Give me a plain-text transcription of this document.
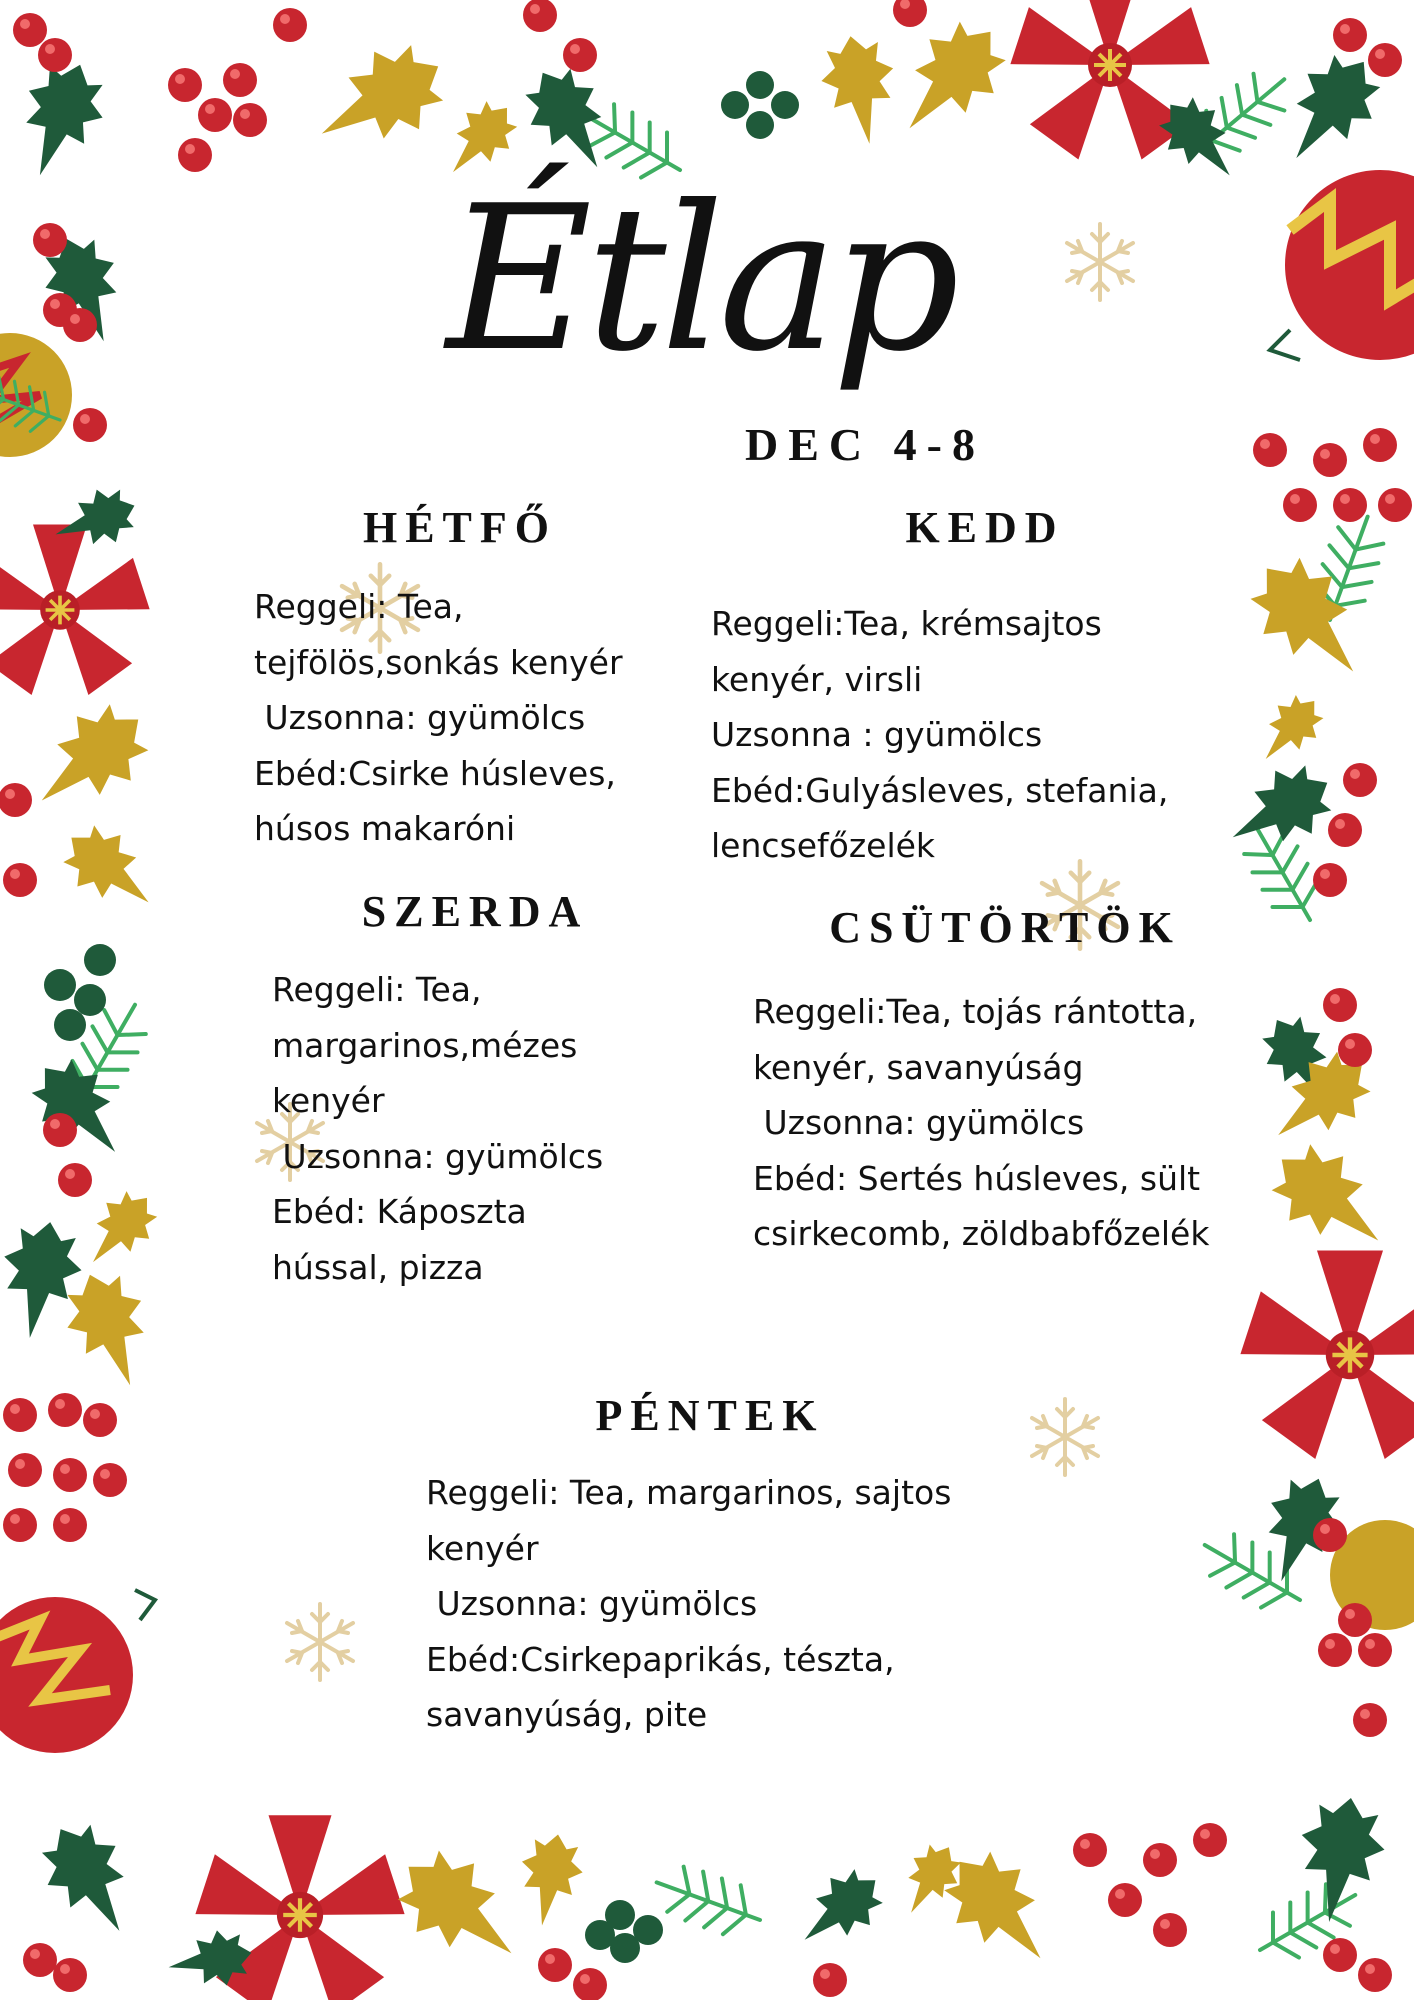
Étlap
DEC 4-8
HÉTFŐ
Reggeli: Tea,
tejfölös,sonkás kenyér
Uzsonna: gyümölcs
Ebéd:Csirke húsleves,
húsos makaróni
KEDD
Reggeli:Tea, krémsajtos
kenyér, virsli
Uzsonna : gyümölcs
Ebéd:Gulyásleves, stefania,
lencsefőzelék
SZERDA
Reggeli: Tea,
margarinos,mézes
kenyér
Uzsonna: gyümölcs
Ebéd: Káposzta
hússal, pizza
CSÜTÖRTÖK
Reggeli:Tea, tojás rántotta,
kenyér, savanyúság
Uzsonna: gyümölcs
Ebéd: Sertés húsleves, sült
csirkecomb, zöldbabfőzelék
PÉNTEK
Reggeli: Tea, margarinos, sajtos
kenyér
Uzsonna: gyümölcs
Ebéd:Csirkepaprikás, tészta,
savanyúság, pite
